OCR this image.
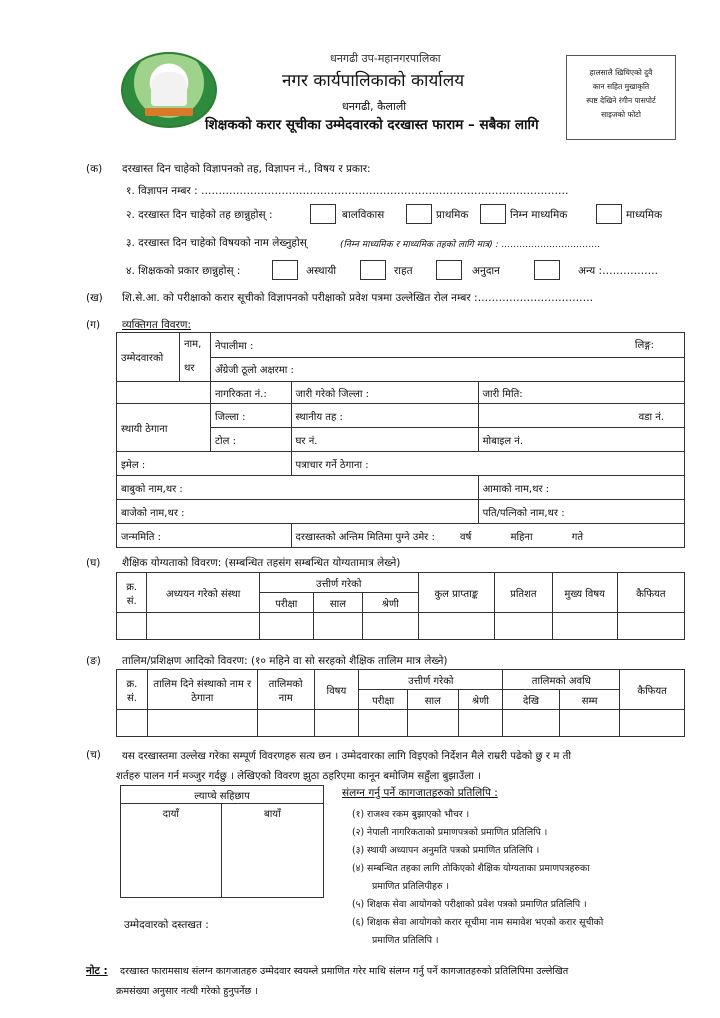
धनगढी उप-महानगरपालिका
नगर कार्यपालिकाको कार्यालय
धनगढी, कैलाली
शिक्षकको करार सूचीका उम्मेदवारको दरखास्त फाराम – सबैका लागि
हालसालै खिचिएको दुवै
कान सहित मुखाकृति
स्पष्ट देखिने रंगीन पासपोर्ट
साइजको फोटो
(क) दरखास्त दिन चाहेको विज्ञापनको तह, विज्ञापन नं., विषय र प्रकार:
१. विज्ञापन नम्बर : ……………………………………………………………………………………………
२. दरखास्त दिन चाहेको तह छान्नुहोस् :	बालविकास	प्राथमिक	निम्न माध्यमिक	माध्यमिक
३. दरखास्त दिन चाहेको विषयको नाम लेख्नुहोस्	(निम्न माध्यमिक र माध्यमिक तहको लागि मात्र) : ……………………………
४. शिक्षकको प्रकार छान्नुहोस् :	अस्थायी	राहत	अनुदान	अन्य :…………….
(ख) शि.से.आ. को परीक्षाको करार सूचीको विज्ञापनको परीक्षाको प्रवेश पत्रमा उल्लेखित रोल नम्बर :……………………………
(ग) व्यक्तिगत विवरण:
उम्मेदवारको	नाम, थर	नेपालीमा : लिङ्ग:		

		अँग्रेजी ठूलो अक्षरमा :		
		नागरिकता नं.:	जारी गरेको जिल्ला :	जारी मिति:
स्थायी ठेगाना		जिल्ला :	स्थानीय तह :	वडा नं.
		टोल :	घर नं.	मोबाइल नं.
इमेल :			पत्राचार गर्ने ठेगाना :	
बाबुको नाम,थर :				आमाको नाम,थर :
बाजेको नाम,थर :				पति/पत्निको नाम,थर :
जन्ममिति :			दरखास्तको अन्तिम मितिमा पुग्ने उमेर : वर्ष महिना गते	
(घ) शैक्षिक योग्यताको विवरण: (सम्बन्धित तहसंग सम्बन्धित योग्यतामात्र लेख्ने)
क्र. सं.	अध्ययन गरेको संस्था	उत्तीर्ण गरेको			कुल प्राप्ताङ्क	प्रतिशत	मुख्य विषय	कैफियत
		परीक्षा	साल	श्रेणी				

(ङ) तालिम/प्रशिक्षण आदिको विवरण: (१० महिने वा सो सरहको शैक्षिक तालिम मात्र लेख्ने)
क्र. सं.	तालिम दिने संस्थाको नाम र ठेगाना	तालिमको नाम	विषय	उत्तीर्ण गरेको			तालिमको अवधि		कैफियत
				परीक्षा	साल	श्रेणी	देखि	सम्म	

(च) यस दरखास्तमा उल्लेख गरेका सम्पूर्ण विवरणहरु सत्य छन । उम्मेदवारका लागि विइएको निर्देशन मैले राम्ररी पढेको छु र म ती
शर्तहरु पालन गर्न मञ्जुर गर्दछु । लेखिएको विवरण झुठा ठहरिएमा कानून बमोजिम सहुँला बुझाउँला ।
ल्याप्चे सहिछाप	
दायाँ	बायाँ

उम्मेदवारको दस्तखत :
संलग्न गर्नु पर्ने कागजातहरुको प्रतिलिपि :
(१) राजश्व रकम बुझाएको भौचर ।
(२) नेपाली नागरिकताको प्रमाणपत्रको प्रमाणित प्रतिलिपि ।
(३) स्थायी अध्यापन अनुमति पत्रको प्रमाणित प्रतिलिपि ।
(४) सम्बन्धित तहका लागि तोकिएको शैक्षिक योग्यताका प्रमाणपत्रहरुका
प्रमाणित प्रतिलिपीहरु ।
(५) शिक्षक सेवा आयोगको परीक्षाको प्रवेश पत्रको प्रमाणित प्रतिलिपि ।
(६) शिक्षक सेवा आयोगको करार सूचीमा नाम समावेश भएको करार सूचीको
प्रमाणित प्रतिलिपि ।
नोट : दरखास्त फारामसाथ संलग्न कागजातहरु उम्मेदवार स्वयम्ले प्रमाणित गरेर माथि संलग्न गर्नु पर्ने कागजातहरुको प्रतिलिपिमा उल्लेखित
क्रमसंख्या अनुसार नत्थी गरेको हुनुपर्नेछ ।
